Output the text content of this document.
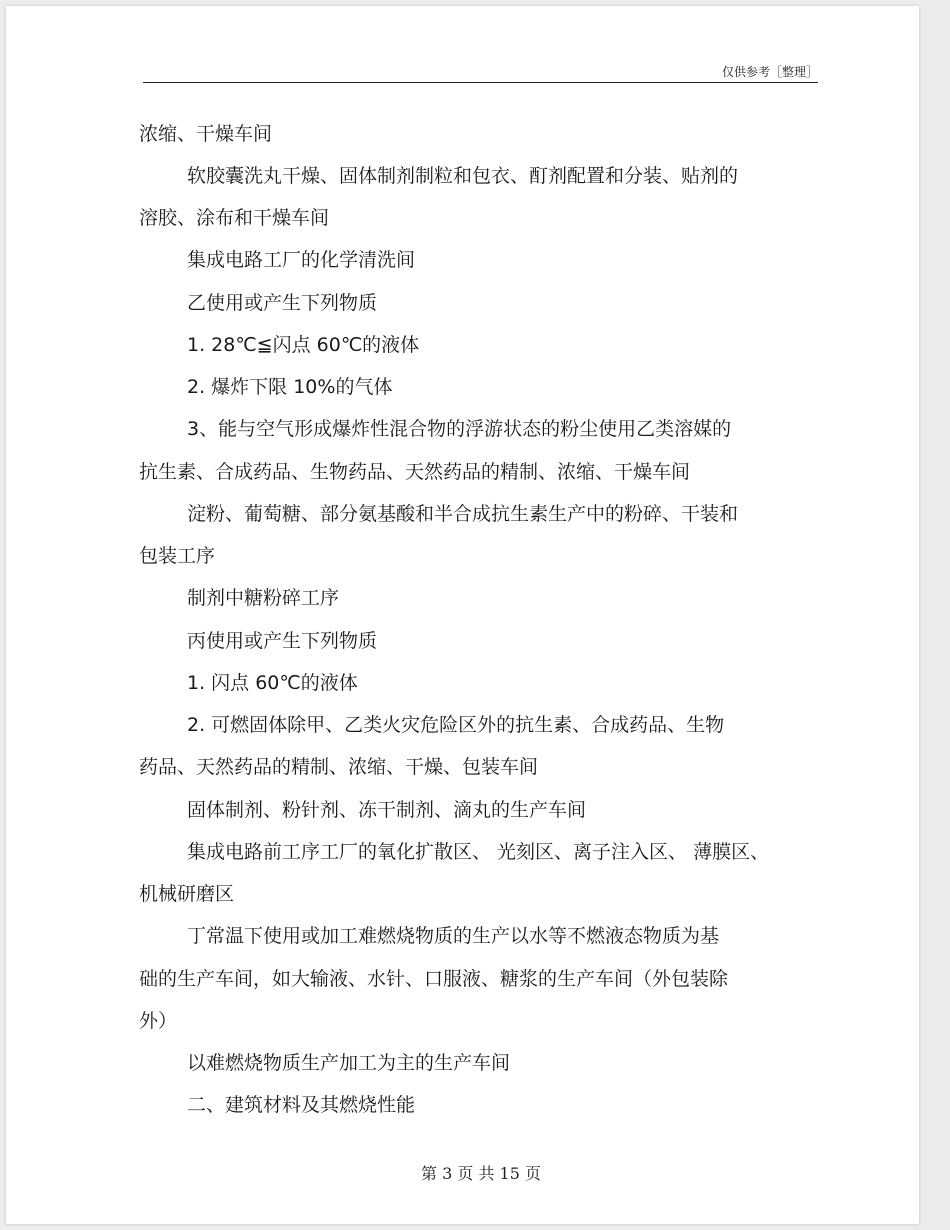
仅供参考［整理］
浓缩、干燥车间
软胶囊洗丸干燥、固体制剂制粒和包衣、酊剂配置和分装、贴剂的
溶胶、涂布和干燥车间
集成电路工厂的化学清洗间
乙使用或产生下列物质
1. 28℃≦闪点 60℃的液体
2. 爆炸下限 10%的气体
3、能与空气形成爆炸性混合物的浮游状态的粉尘使用乙类溶媒的
抗生素、合成药品、生物药品、天然药品的精制、浓缩、干燥车间
淀粉、葡萄糖、部分氨基酸和半合成抗生素生产中的粉碎、干装和
包装工序
制剂中糖粉碎工序
丙使用或产生下列物质
1. 闪点 60℃的液体
2. 可燃固体除甲、乙类火灾危险区外的抗生素、合成药品、生物
药品、天然药品的精制、浓缩、干燥、包装车间
固体制剂、粉针剂、冻干制剂、滴丸的生产车间
集成电路前工序工厂的氧化扩散区、 光刻区、离子注入区、 薄膜区、
机械研磨区
丁常温下使用或加工难燃烧物质的生产以水等不燃液态物质为基
础的生产车间，如大输液、水针、口服液、糖浆的生产车间（外包装除
外）
以难燃烧物质生产加工为主的生产车间
二、建筑材料及其燃烧性能
第 3 页 共 15 页
